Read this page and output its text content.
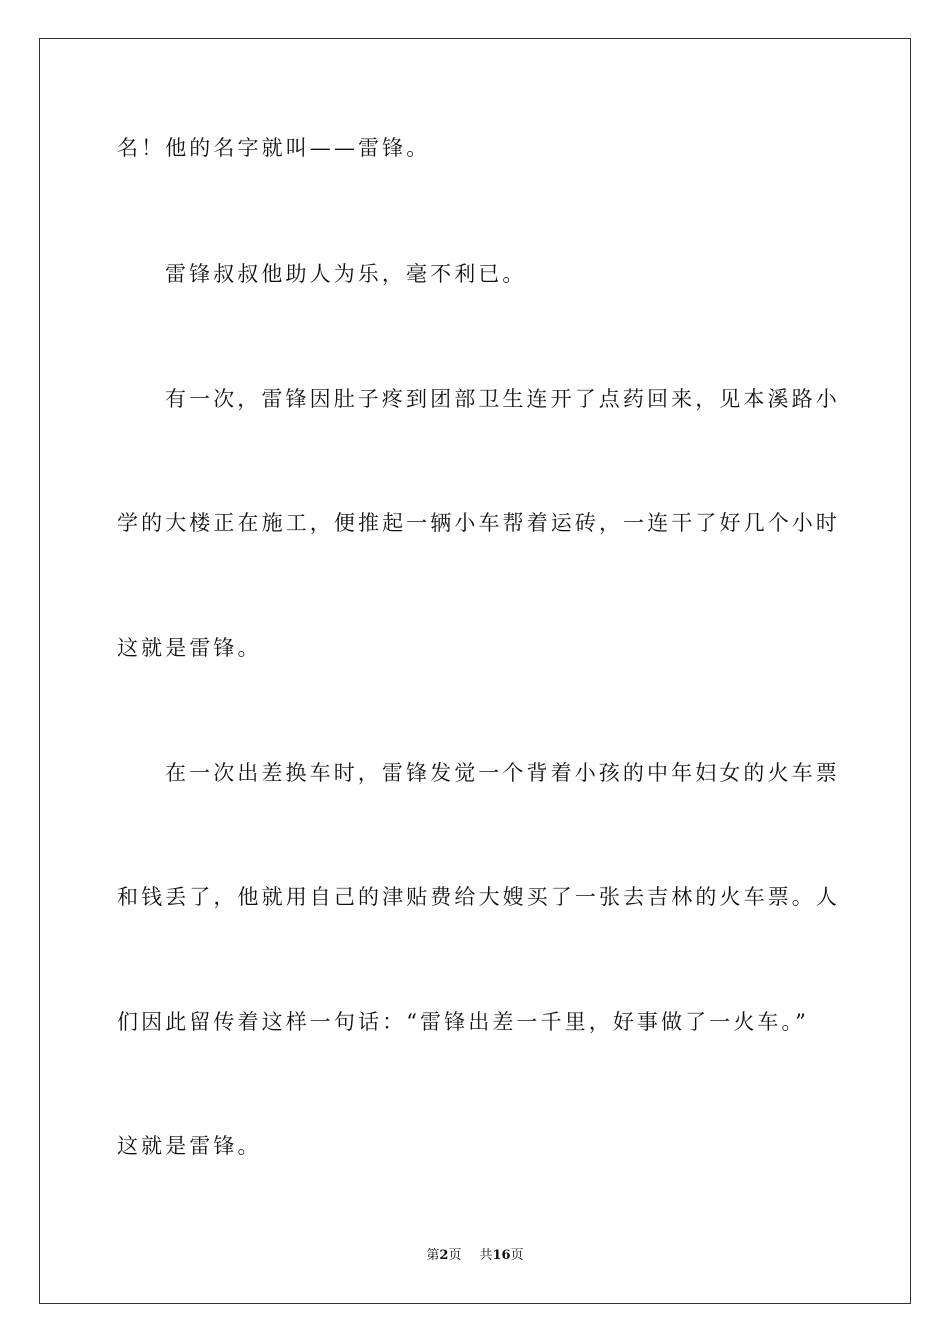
名！他的名字就叫——雷锋。
雷锋叔叔他助人为乐，毫不利已。
有一次，雷锋因肚子疼到团部卫生连开了点药回来，见本溪路小
学的大楼正在施工，便推起一辆小车帮着运砖，一连干了好几个小时
这就是雷锋。
在一次出差换车时，雷锋发觉一个背着小孩的中年妇女的火车票
和钱丢了，他就用自己的津贴费给大嫂买了一张去吉林的火车票。人
们因此留传着这样一句话：“雷锋出差一千里，好事做了一火车。”
这就是雷锋。
第2页 共16页
